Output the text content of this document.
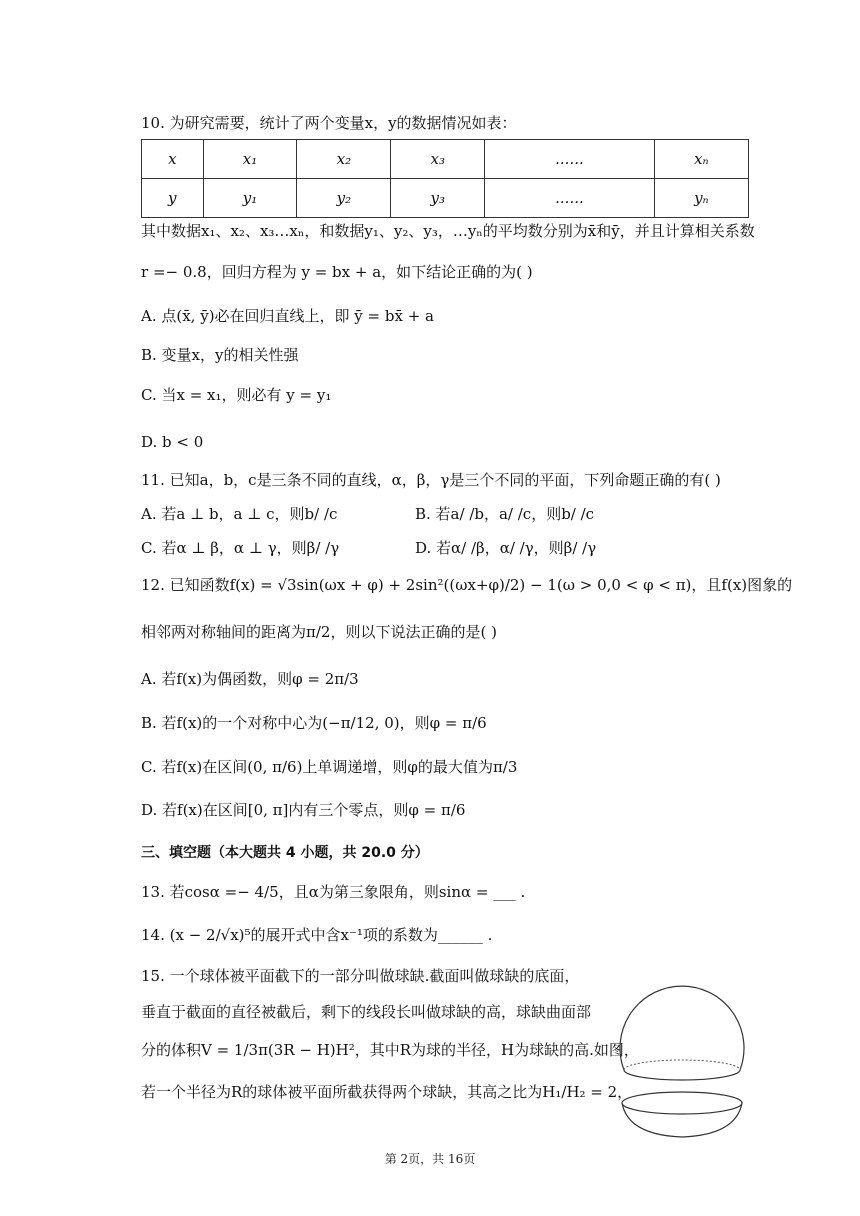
10. 为研究需要，统计了两个变量x，y的数据情况如表：
x	x₁	x₂	x₃	......	xₙ
y	y₁	y₂	y₃	......	yₙ
其中数据x₁、x₂、x₃…xₙ，和数据y₁、y₂、y₃，…yₙ的平均数分别为x̄和ȳ，并且计算相关系数
r =− 0.8，回归方程为 y = bx + a，如下结论正确的为( )
A. 点(x̄, ȳ)必在回归直线上，即 ȳ = bx̄ + a
B. 变量x，y的相关性强
C. 当x = x₁，则必有 y = y₁
D. b < 0
11. 已知a，b，c是三条不同的直线，α，β，γ是三个不同的平面，下列命题正确的有( )
A. 若a ⊥ b，a ⊥ c，则b/ /c	B. 若a/ /b，a/ /c，则b/ /c
C. 若α ⊥ β，α ⊥ γ，则β/ /γ	D. 若α/ /β，α/ /γ，则β/ /γ
12. 已知函数f(x) = √3sin(ωx + φ) + 2sin²((ωx+φ)/2) − 1(ω > 0,0 < φ < π)，且f(x)图象的
相邻两对称轴间的距离为π/2，则以下说法正确的是( )
A. 若f(x)为偶函数，则φ = 2π/3
B. 若f(x)的一个对称中心为(−π/12, 0)，则φ = π/6
C. 若f(x)在区间(0, π/6)上单调递增，则φ的最大值为π/3
D. 若f(x)在区间[0, π]内有三个零点，则φ = π/6
三、填空题（本大题共 4 小题，共 20.0 分）
13. 若cosα =− 4/5，且α为第三象限角，则sinα = ___ .
14. (x − 2/√x)⁵的展开式中含x⁻¹项的系数为______ .
15. 一个球体被平面截下的一部分叫做球缺.截面叫做球缺的底面，
垂直于截面的直径被截后，剩下的线段长叫做球缺的高，球缺曲面部
分的体积V = 1/3π(3R − H)H²，其中R为球的半径，H为球缺的高.如图，
若一个半径为R的球体被平面所截获得两个球缺，其高之比为H₁/H₂ = 2，
第 2页，共 16页
